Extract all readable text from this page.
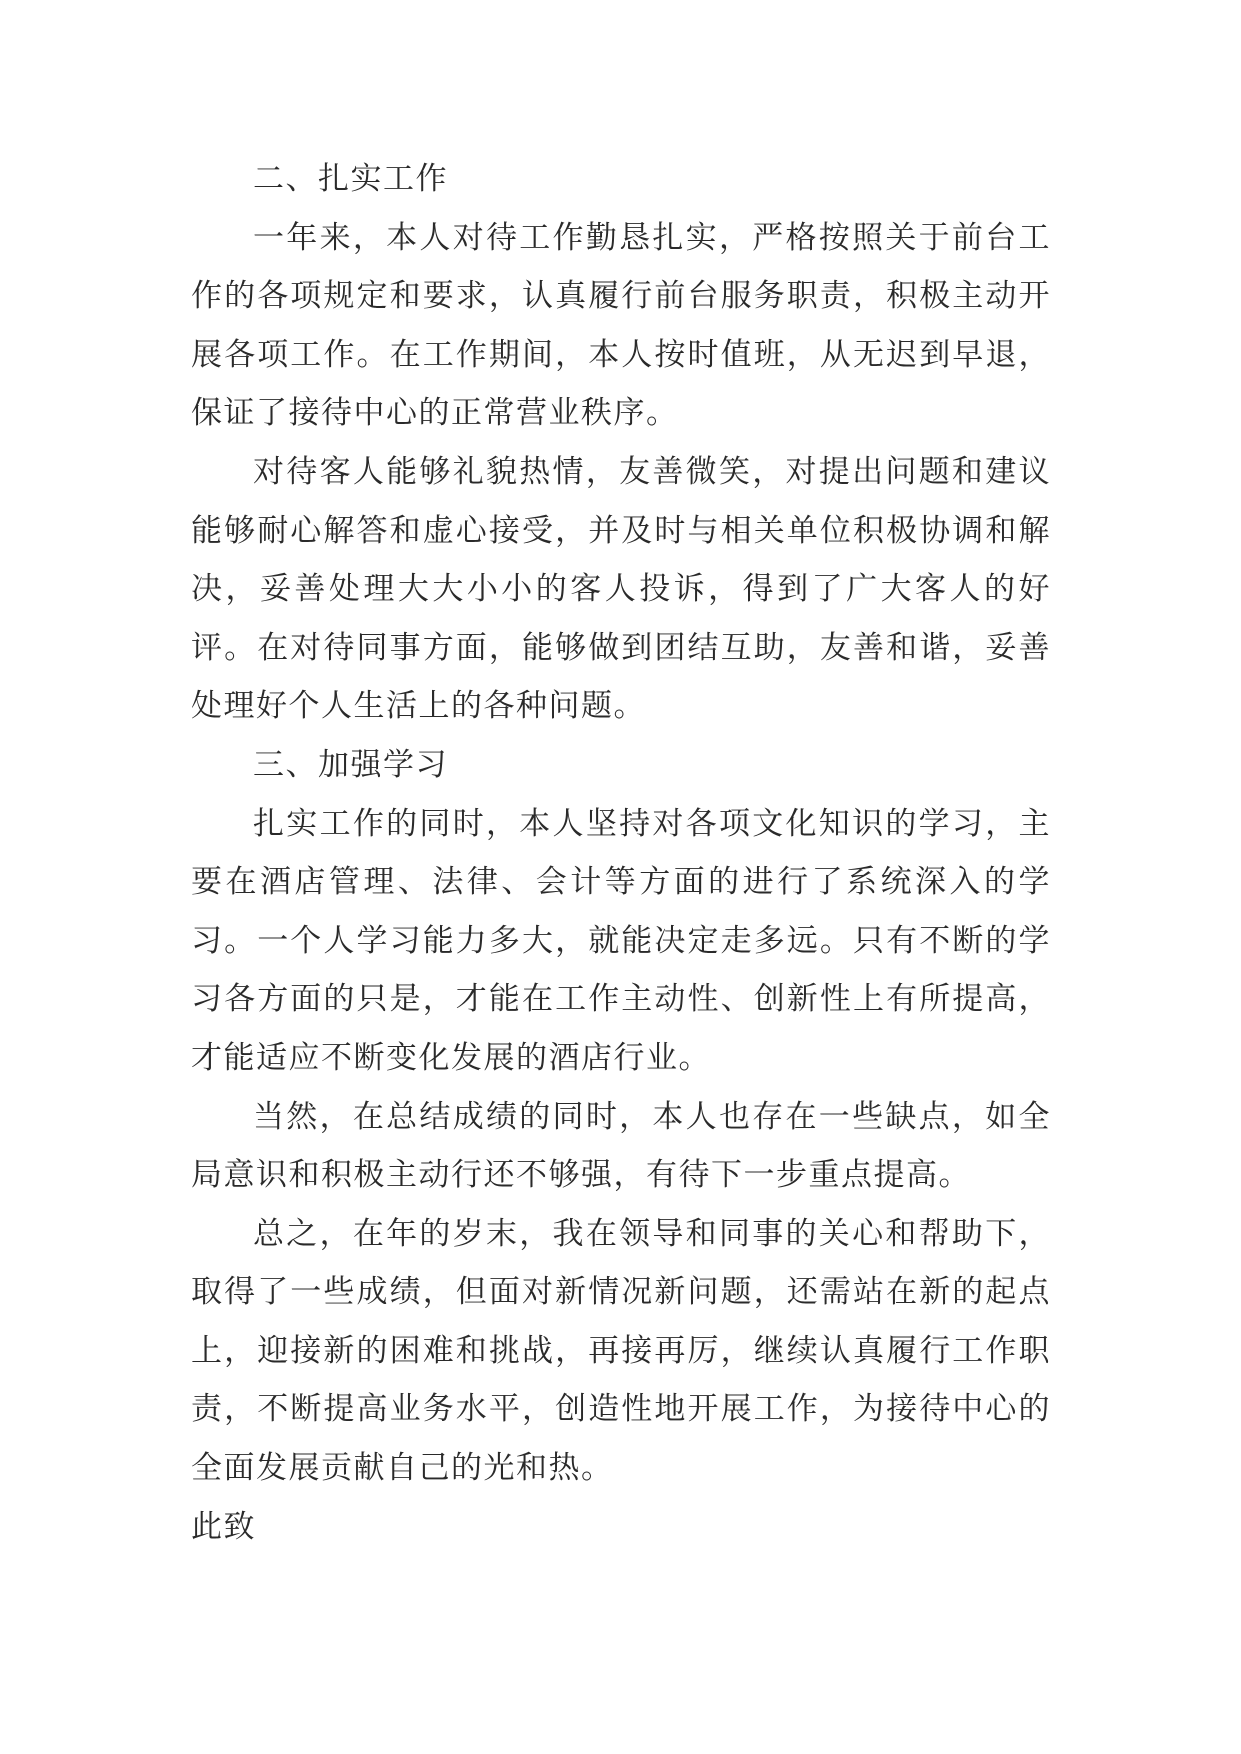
二、扎实工作

一年来，本人对待工作勤恳扎实，严格按照关于前台工作的各项规定和要求，认真履行前台服务职责，积极主动开展各项工作。在工作期间，本人按时值班，从无迟到早退，保证了接待中心的正常营业秩序。

对待客人能够礼貌热情，友善微笑，对提出问题和建议能够耐心解答和虚心接受，并及时与相关单位积极协调和解决，妥善处理大大小小的客人投诉，得到了广大客人的好评。在对待同事方面，能够做到团结互助，友善和谐，妥善处理好个人生活上的各种问题。

三、加强学习

扎实工作的同时，本人坚持对各项文化知识的学习，主要在酒店管理、法律、会计等方面的进行了系统深入的学习。一个人学习能力多大，就能决定走多远。只有不断的学习各方面的只是，才能在工作主动性、创新性上有所提高，才能适应不断变化发展的酒店行业。

当然，在总结成绩的同时，本人也存在一些缺点，如全局意识和积极主动行还不够强，有待下一步重点提高。

总之，在年的岁末，我在领导和同事的关心和帮助下，取得了一些成绩，但面对新情况新问题，还需站在新的起点上，迎接新的困难和挑战，再接再厉，继续认真履行工作职责，不断提高业务水平，创造性地开展工作，为接待中心的全面发展贡献自己的光和热。

此致
